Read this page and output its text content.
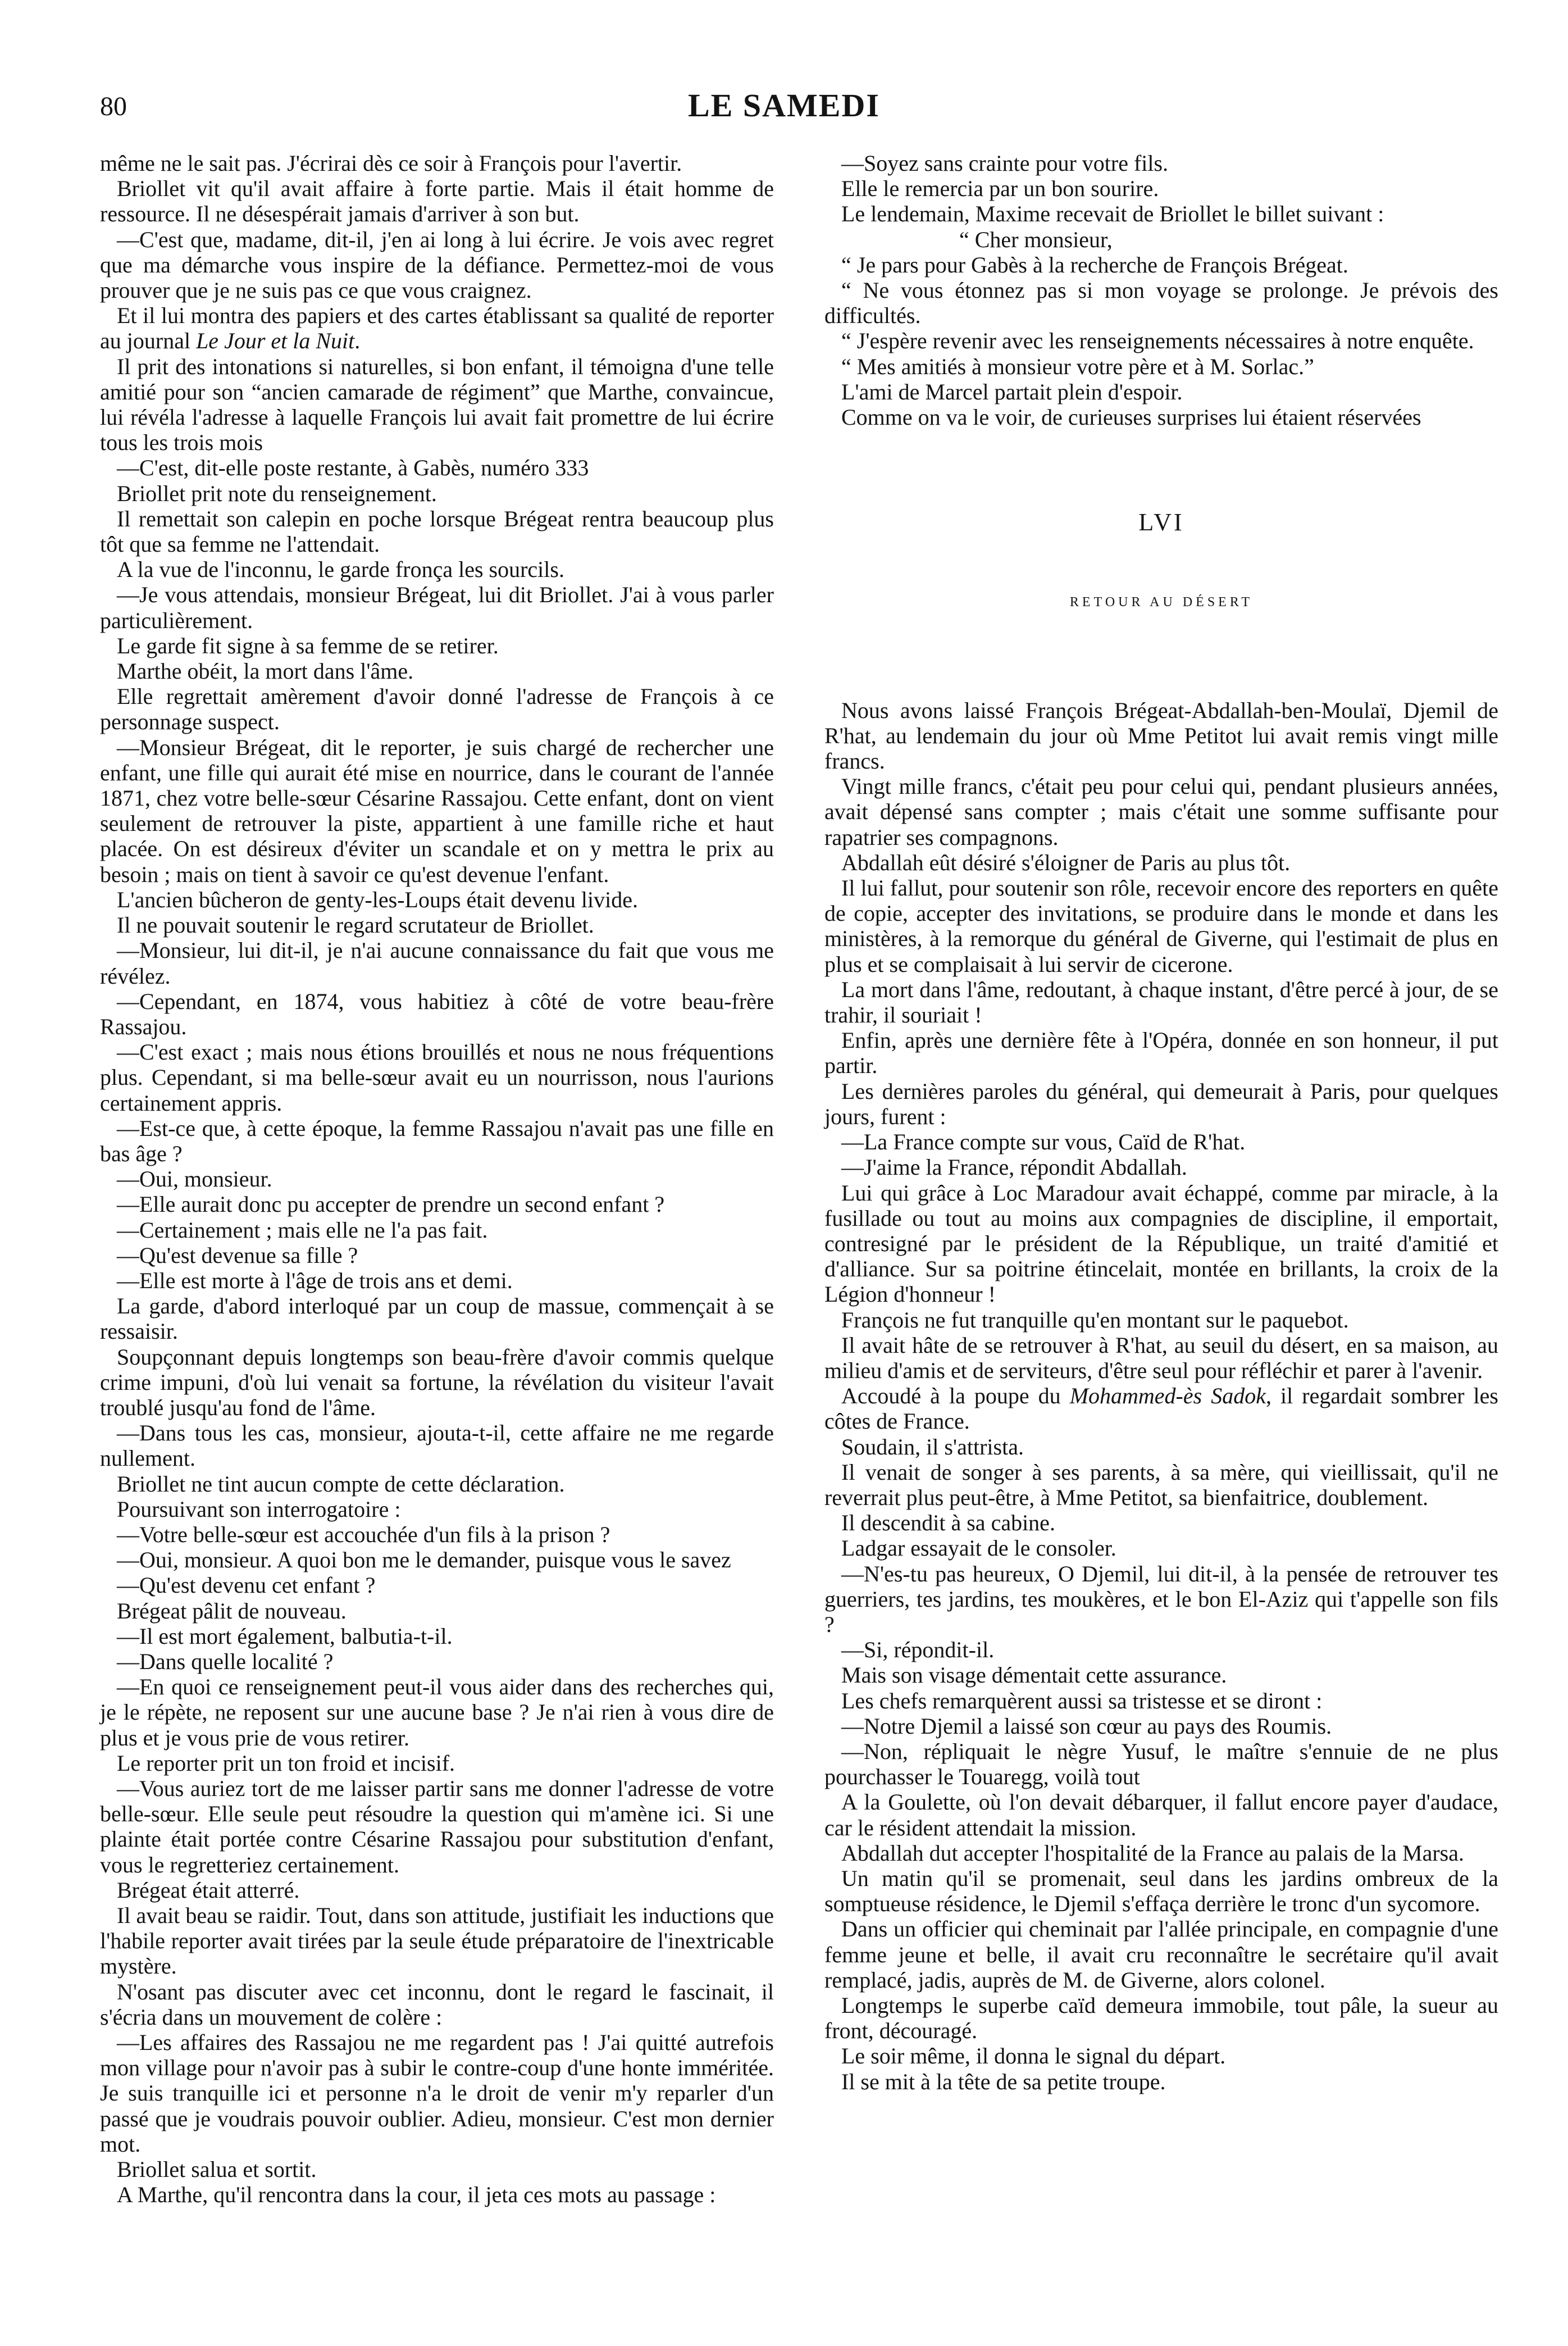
80	LE SAMEDI

même ne le sait pas. J'écrirai dès ce soir à François pour l'avertir.

Briollet vit qu'il avait affaire à forte partie. Mais il était homme de ressource. Il ne désespérait jamais d'arriver à son but.

—C'est que, madame, dit-il, j'en ai long à lui écrire. Je vois avec regret que ma démarche vous inspire de la défiance. Permettez-moi de vous prouver que je ne suis pas ce que vous craignez.

Et il lui montra des papiers et des cartes établissant sa qualité de reporter au journal Le Jour et la Nuit.

Il prit des intonations si naturelles, si bon enfant, il témoigna d'une telle amitié pour son “ancien camarade de régiment” que Marthe, convaincue, lui révéla l'adresse à laquelle François lui avait fait promettre de lui écrire tous les trois mois

—C'est, dit-elle poste restante, à Gabès, numéro 333

Briollet prit note du renseignement.

Il remettait son calepin en poche lorsque Brégeat rentra beaucoup plus tôt que sa femme ne l'attendait.

A la vue de l'inconnu, le garde fronça les sourcils.

—Je vous attendais, monsieur Brégeat, lui dit Briollet. J'ai à vous parler particulièrement.

Le garde fit signe à sa femme de se retirer.

Marthe obéit, la mort dans l'âme.

Elle regrettait amèrement d'avoir donné l'adresse de François à ce personnage suspect.

—Monsieur Brégeat, dit le reporter, je suis chargé de rechercher une enfant, une fille qui aurait été mise en nourrice, dans le courant de l'année 1871, chez votre belle-sœur Césarine Rassajou. Cette enfant, dont on vient seulement de retrouver la piste, appartient à une famille riche et haut placée. On est désireux d'éviter un scandale et on y mettra le prix au besoin ; mais on tient à savoir ce qu'est devenue l'enfant.

L'ancien bûcheron de genty-les-Loups était devenu livide.

Il ne pouvait soutenir le regard scrutateur de Briollet.

—Monsieur, lui dit-il, je n'ai aucune connaissance du fait que vous me révélez.

—Cependant, en 1874, vous habitiez à côté de votre beau-frère Rassajou.

—C'est exact ; mais nous étions brouillés et nous ne nous fréquentions plus. Cependant, si ma belle-sœur avait eu un nourrisson, nous l'aurions certainement appris.

—Est-ce que, à cette époque, la femme Rassajou n'avait pas une fille en bas âge ?

—Oui, monsieur.

—Elle aurait donc pu accepter de prendre un second enfant ?

—Certainement ; mais elle ne l'a pas fait.

—Qu'est devenue sa fille ?

—Elle est morte à l'âge de trois ans et demi.

La garde, d'abord interloqué par un coup de massue, commençait à se ressaisir.

Soupçonnant depuis longtemps son beau-frère d'avoir commis quelque crime impuni, d'où lui venait sa fortune, la révélation du visiteur l'avait troublé jusqu'au fond de l'âme.

—Dans tous les cas, monsieur, ajouta-t-il, cette affaire ne me regarde nullement.

Briollet ne tint aucun compte de cette déclaration.

Poursuivant son interrogatoire :

—Votre belle-sœur est accouchée d'un fils à la prison ?

—Oui, monsieur. A quoi bon me le demander, puisque vous le savez

—Qu'est devenu cet enfant ?

Brégeat pâlit de nouveau.

—Il est mort également, balbutia-t-il.

—Dans quelle localité ?

—En quoi ce renseignement peut-il vous aider dans des recherches qui, je le répète, ne reposent sur une aucune base ? Je n'ai rien à vous dire de plus et je vous prie de vous retirer.

Le reporter prit un ton froid et incisif.

—Vous auriez tort de me laisser partir sans me donner l'adresse de votre belle-sœur. Elle seule peut résoudre la question qui m'amène ici. Si une plainte était portée contre Césarine Rassajou pour substitution d'enfant, vous le regretteriez certainement.

Brégeat était atterré.

Il avait beau se raidir. Tout, dans son attitude, justifiait les inductions que l'habile reporter avait tirées par la seule étude préparatoire de l'inextricable mystère.

N'osant pas discuter avec cet inconnu, dont le regard le fascinait, il s'écria dans un mouvement de colère :

—Les affaires des Rassajou ne me regardent pas ! J'ai quitté autrefois mon village pour n'avoir pas à subir le contre-coup d'une honte imméritée. Je suis tranquille ici et personne n'a le droit de venir m'y reparler d'un passé que je voudrais pouvoir oublier. Adieu, monsieur. C'est mon dernier mot.

Briollet salua et sortit.

A Marthe, qu'il rencontra dans la cour, il jeta ces mots au passage :

—Soyez sans crainte pour votre fils.

Elle le remercia par un bon sourire.

Le lendemain, Maxime recevait de Briollet le billet suivant :

“ Cher monsieur,

“ Je pars pour Gabès à la recherche de François Brégeat.

“ Ne vous étonnez pas si mon voyage se prolonge. Je prévois des difficultés.

“ J'espère revenir avec les renseignements nécessaires à notre enquête.

“ Mes amitiés à monsieur votre père et à M. Sorlac.”

L'ami de Marcel partait plein d'espoir.

Comme on va le voir, de curieuses surprises lui étaient réservées

LVI
RETOUR AU DÉSERT

Nous avons laissé François Brégeat-Abdallah-ben-Moulaï, Djemil de R'hat, au lendemain du jour où Mme Petitot lui avait remis vingt mille francs.

Vingt mille francs, c'était peu pour celui qui, pendant plusieurs années, avait dépensé sans compter ; mais c'était une somme suffisante pour rapatrier ses compagnons.

Abdallah eût désiré s'éloigner de Paris au plus tôt.

Il lui fallut, pour soutenir son rôle, recevoir encore des reporters en quête de copie, accepter des invitations, se produire dans le monde et dans les ministères, à la remorque du général de Giverne, qui l'estimait de plus en plus et se complaisait à lui servir de cicerone.

La mort dans l'âme, redoutant, à chaque instant, d'être percé à jour, de se trahir, il souriait !

Enfin, après une dernière fête à l'Opéra, donnée en son honneur, il put partir.

Les dernières paroles du général, qui demeurait à Paris, pour quelques jours, furent :

—La France compte sur vous, Caïd de R'hat.

—J'aime la France, répondit Abdallah.

Lui qui grâce à Loc Maradour avait échappé, comme par miracle, à la fusillade ou tout au moins aux compagnies de discipline, il emportait, contresigné par le président de la République, un traité d'amitié et d'alliance. Sur sa poitrine étincelait, montée en brillants, la croix de la Légion d'honneur !

François ne fut tranquille qu'en montant sur le paquebot.

Il avait hâte de se retrouver à R'hat, au seuil du désert, en sa maison, au milieu d'amis et de serviteurs, d'être seul pour réfléchir et parer à l'avenir.

Accoudé à la poupe du Mohammed-ès Sadok, il regardait sombrer les côtes de France.

Soudain, il s'attrista.

Il venait de songer à ses parents, à sa mère, qui vieillissait, qu'il ne reverrait plus peut-être, à Mme Petitot, sa bienfaitrice, doublement.

Il descendit à sa cabine.

Ladgar essayait de le consoler.

—N'es-tu pas heureux, O Djemil, lui dit-il, à la pensée de retrouver tes guerriers, tes jardins, tes moukères, et le bon El-Aziz qui t'appelle son fils ?

—Si, répondit-il.

Mais son visage démentait cette assurance.

Les chefs remarquèrent aussi sa tristesse et se diront :

—Notre Djemil a laissé son cœur au pays des Roumis.

—Non, répliquait le nègre Yusuf, le maître s'ennuie de ne plus pourchasser le Touaregg, voilà tout

A la Goulette, où l'on devait débarquer, il fallut encore payer d'audace, car le résident attendait la mission.

Abdallah dut accepter l'hospitalité de la France au palais de la Marsa.

Un matin qu'il se promenait, seul dans les jardins ombreux de la somptueuse résidence, le Djemil s'effaça derrière le tronc d'un sycomore.

Dans un officier qui cheminait par l'allée principale, en compagnie d'une femme jeune et belle, il avait cru reconnaître le secrétaire qu'il avait remplacé, jadis, auprès de M. de Giverne, alors colonel.

Longtemps le superbe caïd demeura immobile, tout pâle, la sueur au front, découragé.

Le soir même, il donna le signal du départ.

Il se mit à la tête de sa petite troupe.
